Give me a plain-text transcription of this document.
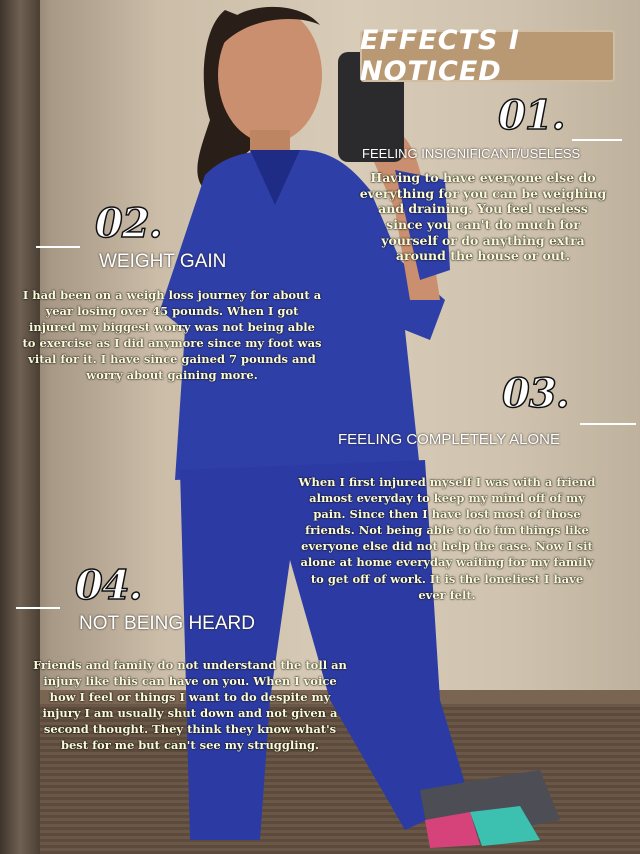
EFFECTS I NOTICED
01.
FEELING INSIGNIFICANT/USELESS
Having to have everyone else do everything for you can be weighing and draining. You feel useless since you can't do much for yourself or do anything extra around the house or out.
02.
WEIGHT GAIN
I had been on a weigh loss journey for about a year losing over 45 pounds. When I got injured my biggest worry was not being able to exercise as I did anymore since my foot was vital for it. I have since gained 7 pounds and worry about gaining more.	03.
FEELING COMPLETELY ALONE
When I first injured myself I was with a friend almost everyday to keep my mind off of my pain. Since then I have lost most of those friends. Not being able to do fun things like everyone else did not help the case. Now I sit alone at home everyday waiting for my family to get off of work. It is the loneliest I have ever felt.
04.
NOT BEING HEARD
Friends and family do not understand the toll an injury like this can have on you. When I voice how I feel or things I want to do despite my injury I am usually shut down and not given a second thought. They think they know what's best for me but can't see my struggling.
